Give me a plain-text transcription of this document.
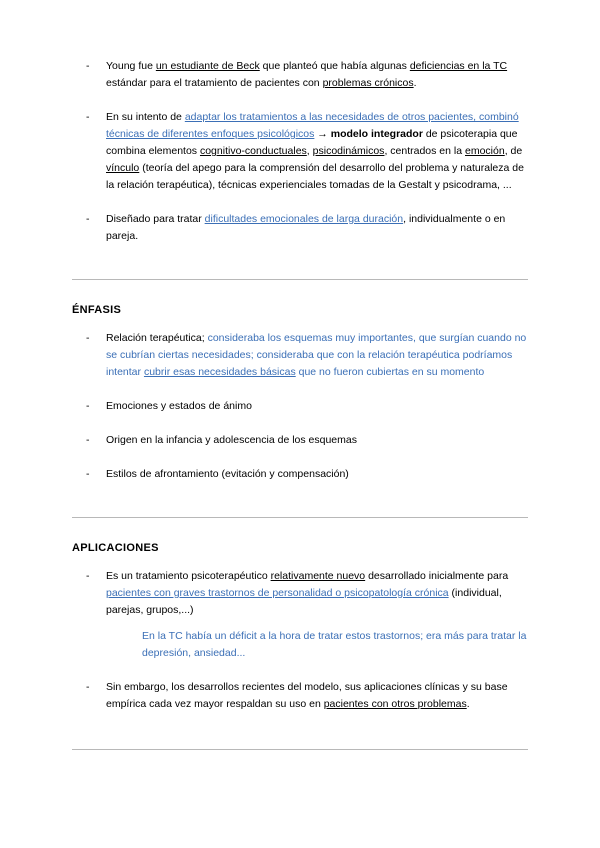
- Young fue un estudiante de Beck que planteó que había algunas deficiencias en la TC estándar para el tratamiento de pacientes con problemas crónicos.
- En su intento de adaptar los tratamientos a las necesidades de otros pacientes, combinó técnicas de diferentes enfoques psicológicos → modelo integrador de psicoterapia que combina elementos cognitivo-conductuales, psicodinámicos, centrados en la emoción, de vínculo (teoría del apego para la comprensión del desarrollo del problema y naturaleza de la relación terapéutica), técnicas experienciales tomadas de la Gestalt y psicodrama, ...
- Diseñado para tratar dificultades emocionales de larga duración, individualmente o en pareja.
ÉNFASIS
- Relación terapéutica; consideraba los esquemas muy importantes, que surgían cuando no se cubrían ciertas necesidades; consideraba que con la relación terapéutica podríamos intentar cubrir esas necesidades básicas que no fueron cubiertas en su momento
- Emociones y estados de ánimo
- Origen en la infancia y adolescencia de los esquemas
- Estilos de afrontamiento (evitación y compensación)
APLICACIONES
- Es un tratamiento psicoterapéutico relativamente nuevo desarrollado inicialmente para pacientes con graves trastornos de personalidad o psicopatología crónica (individual, parejas, grupos,...)
En la TC había un déficit a la hora de tratar estos trastornos; era más para tratar la depresión, ansiedad...
- Sin embargo, los desarrollos recientes del modelo, sus aplicaciones clínicas y su base empírica cada vez mayor respaldan su uso en pacientes con otros problemas.
